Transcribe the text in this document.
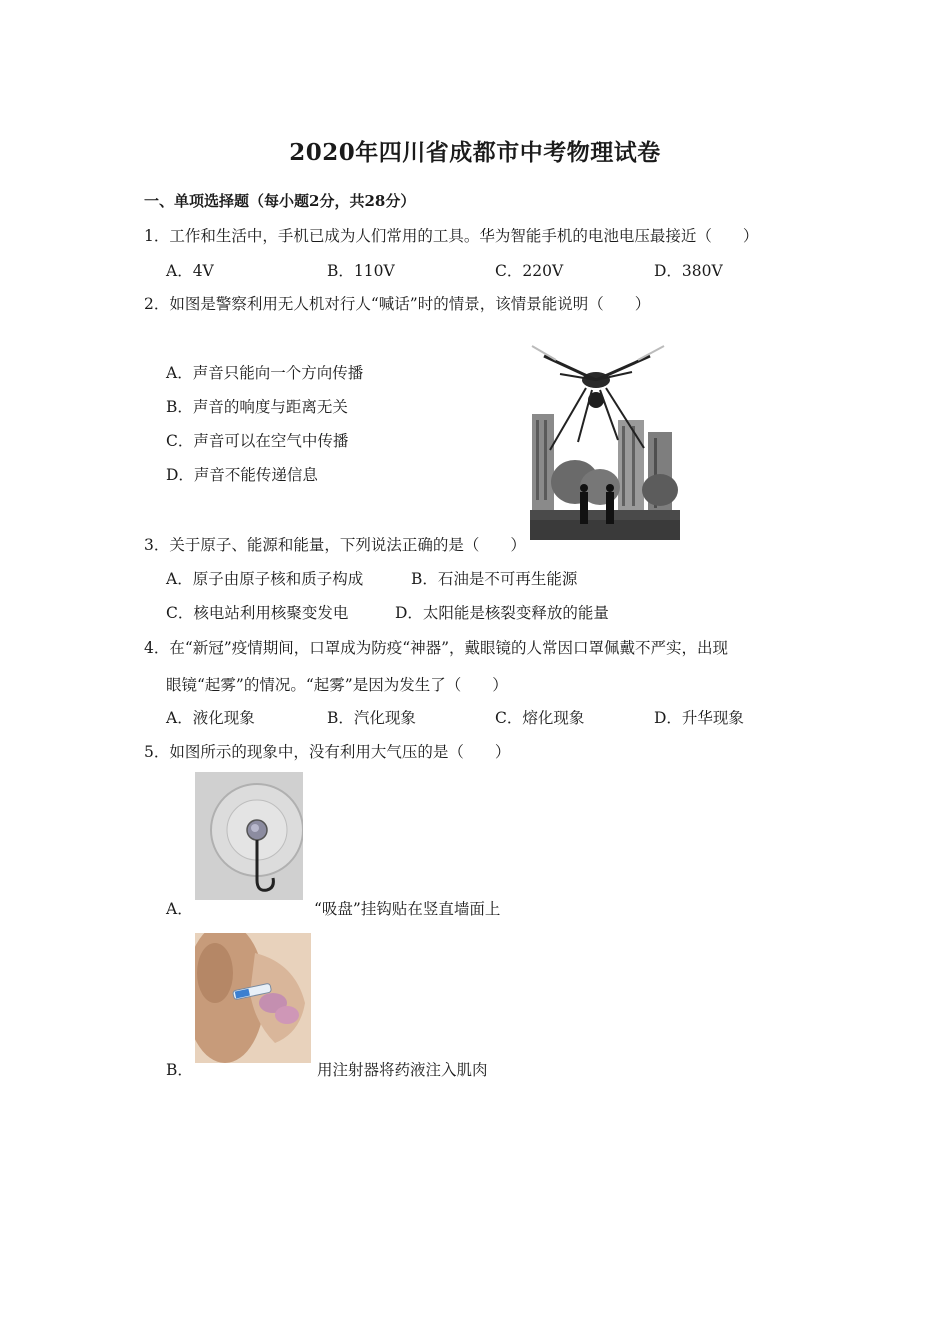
2020年四川省成都市中考物理试卷
一、单项选择题（每小题2分，共28分）
1．工作和生活中，手机已成为人们常用的工具。华为智能手机的电池电压最接近（　　）
A．4V	B．110V	C．220V	D．380V
2．如图是警察利用无人机对行人“喊话”时的情景，该情景能说明（　　）
A．声音只能向一个方向传播
B．声音的响度与距离无关
C．声音可以在空气中传播
D．声音不能传递信息
3．关于原子、能源和能量，下列说法正确的是（　　）
A．原子由原子核和质子构成	B．石油是不可再生能源
C．核电站利用核聚变发电	D．太阳能是核裂变释放的能量
4．在“新冠”疫情期间，口罩成为防疫“神器”，戴眼镜的人常因口罩佩戴不严实，出现
眼镜“起雾”的情况。“起雾”是因为发生了（　　）
A．液化现象	B．汽化现象	C．熔化现象	D．升华现象
5．如图所示的现象中，没有利用大气压的是（　　）
A．	“吸盘”挂钩贴在竖直墙面上
B．	用注射器将药液注入肌肉
